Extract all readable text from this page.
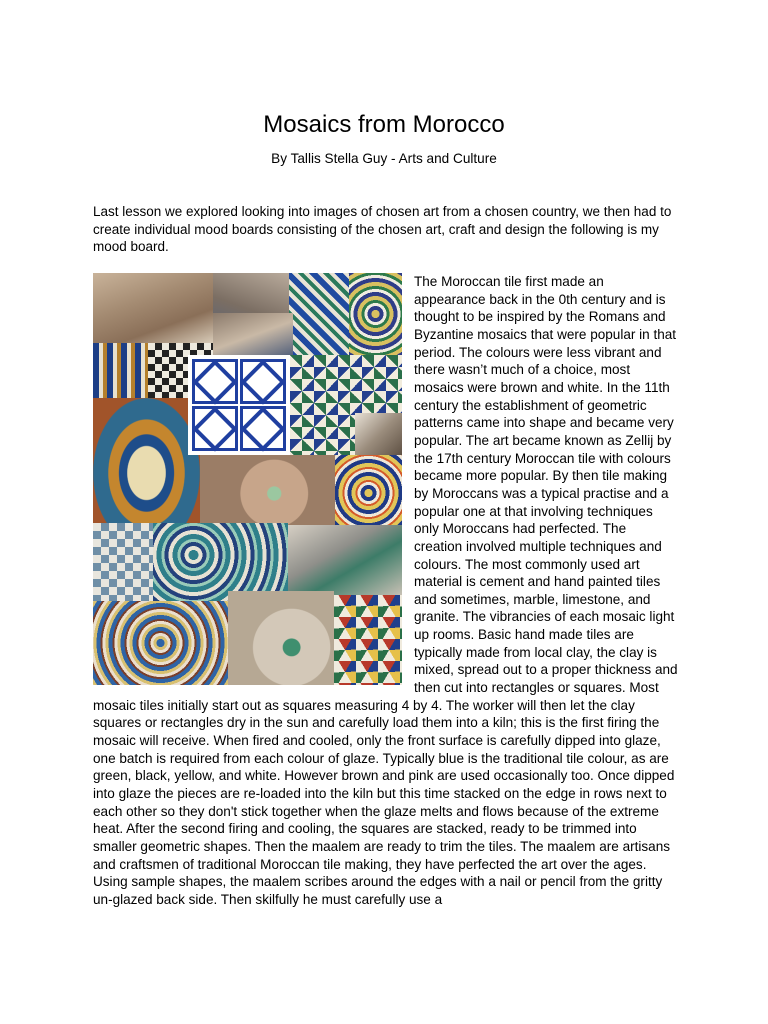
Mosaics from Morocco

By Tallis Stella Guy - Arts and Culture

Last lesson we explored looking into images of chosen art from a chosen country, we then had to create individual mood boards consisting of the chosen art, craft and design the following is my mood board.

The Moroccan tile first made an appearance back in the 0th century and is thought to be inspired by the Romans and Byzantine mosaics that were popular in that period. The colours were less vibrant and there wasn’t much of a choice, most mosaics were brown and white. In the 11th century the establishment of geometric patterns came into shape and became very popular. The art became known as Zellij by the 17th century Moroccan tile with colours became more popular. By then tile making by Moroccans was a typical practise and a popular one at that involving techniques only Moroccans had perfected. The creation involved multiple techniques and colours. The most commonly used art material is cement and hand painted tiles and sometimes, marble, limestone, and granite. The vibrancies of each mosaic light up rooms. Basic hand made tiles are typically made from local clay, the clay is mixed, spread out to a proper thickness and then cut into rectangles or squares. Most mosaic tiles initially start out as squares measuring 4 by 4. The worker will then let the clay squares or rectangles dry in the sun and carefully load them into a kiln; this is the first firing the mosaic will receive. When fired and cooled, only the front surface is carefully dipped into glaze, one batch is required from each colour of glaze. Typically blue is the traditional tile colour, as are green, black, yellow, and white. However brown and pink are used occasionally too. Once dipped into glaze the pieces are re-loaded into the kiln but this time stacked on the edge in rows next to each other so they don't stick together when the glaze melts and flows because of the extreme heat. After the second firing and cooling, the squares are stacked, ready to be trimmed into smaller geometric shapes. Then the maalem are ready to trim the tiles. The maalem are artisans and craftsmen of traditional Moroccan tile making, they have perfected the art over the ages. Using sample shapes, the maalem scribes around the edges with a nail or pencil from the gritty un-glazed back side. Then skilfully he must carefully use a
